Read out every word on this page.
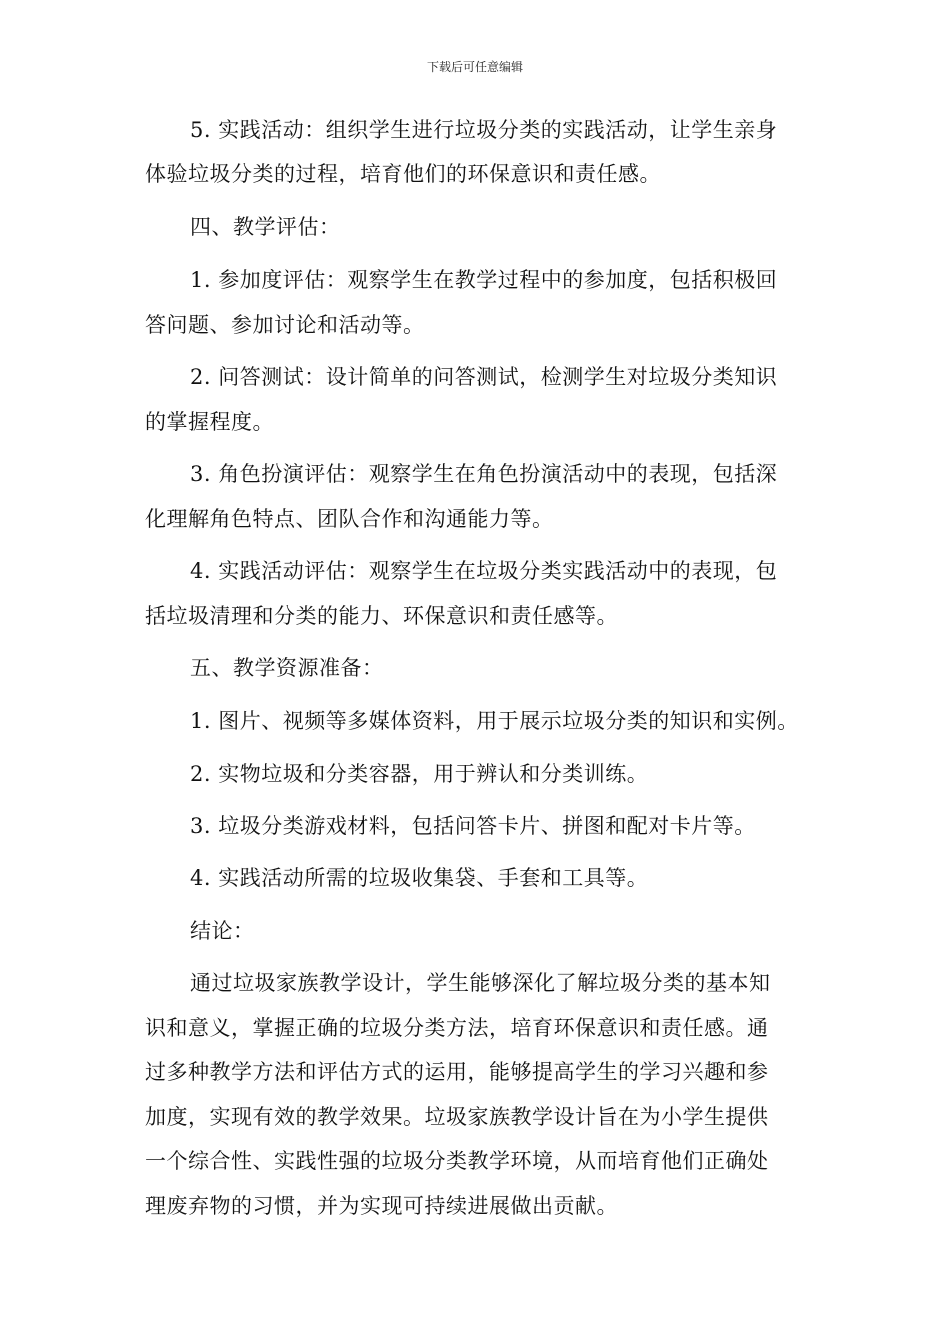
下载后可任意编辑
5. 实践活动：组织学生进行垃圾分类的实践活动，让学生亲身
体验垃圾分类的过程，培育他们的环保意识和责任感。
四、教学评估：
1. 参加度评估：观察学生在教学过程中的参加度，包括积极回
答问题、参加讨论和活动等。
2. 问答测试：设计简单的问答测试，检测学生对垃圾分类知识
的掌握程度。
3. 角色扮演评估：观察学生在角色扮演活动中的表现，包括深
化理解角色特点、团队合作和沟通能力等。
4. 实践活动评估：观察学生在垃圾分类实践活动中的表现，包
括垃圾清理和分类的能力、环保意识和责任感等。
五、教学资源准备：
1. 图片、视频等多媒体资料，用于展示垃圾分类的知识和实例。
2. 实物垃圾和分类容器，用于辨认和分类训练。
3. 垃圾分类游戏材料，包括问答卡片、拼图和配对卡片等。
4. 实践活动所需的垃圾收集袋、手套和工具等。
结论：
通过垃圾家族教学设计，学生能够深化了解垃圾分类的基本知
识和意义，掌握正确的垃圾分类方法，培育环保意识和责任感。通
过多种教学方法和评估方式的运用，能够提高学生的学习兴趣和参
加度，实现有效的教学效果。垃圾家族教学设计旨在为小学生提供
一个综合性、实践性强的垃圾分类教学环境，从而培育他们正确处
理废弃物的习惯，并为实现可持续进展做出贡献。
